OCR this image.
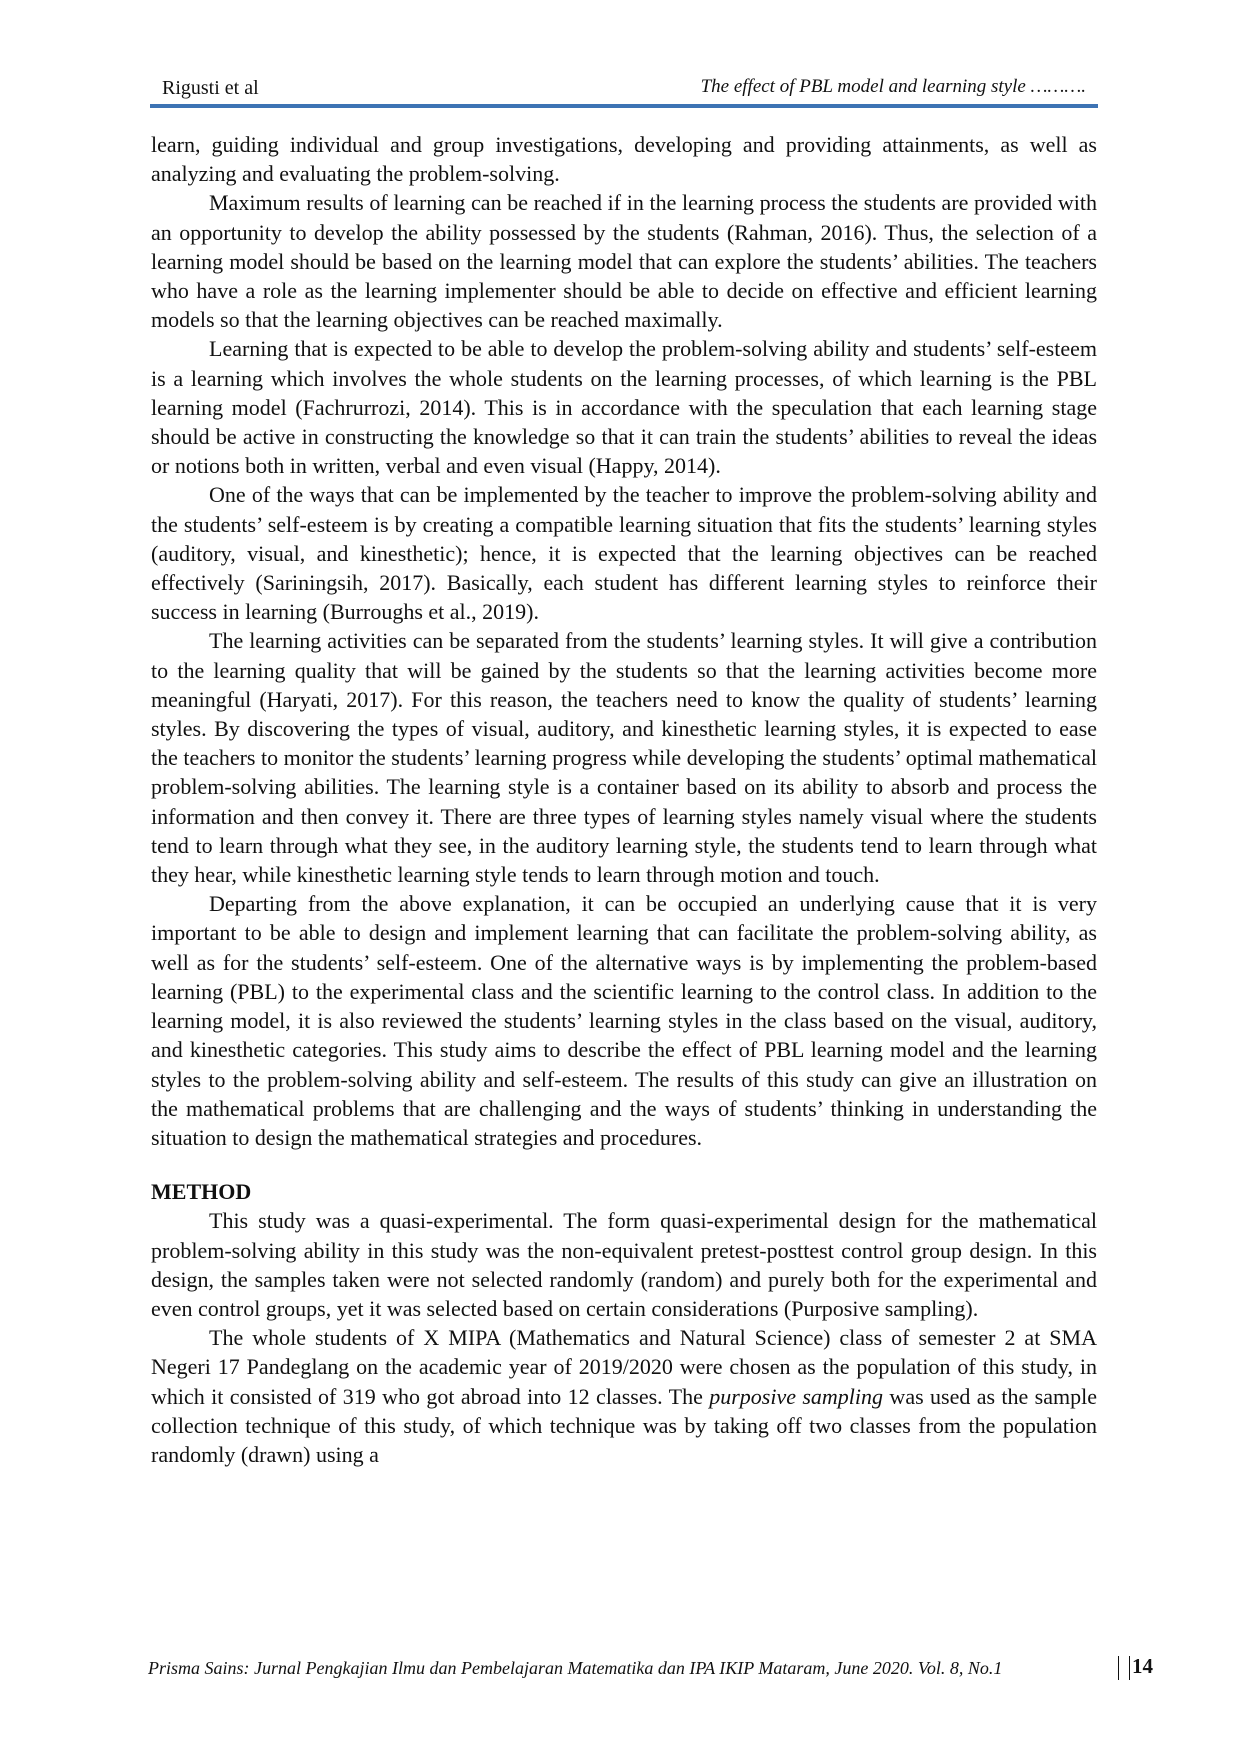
Rigusti et al	The effect of PBL model and learning style ……….

learn, guiding individual and group investigations, developing and providing attainments, as well as analyzing and evaluating the problem-solving.

Maximum results of learning can be reached if in the learning process the students are provided with an opportunity to develop the ability possessed by the students (Rahman, 2016). Thus, the selection of a learning model should be based on the learning model that can explore the students’ abilities. The teachers who have a role as the learning implementer should be able to decide on effective and efficient learning models so that the learning objectives can be reached maximally.

Learning that is expected to be able to develop the problem-solving ability and students’ self-esteem is a learning which involves the whole students on the learning processes, of which learning is the PBL learning model (Fachrurrozi, 2014). This is in accordance with the speculation that each learning stage should be active in constructing the knowledge so that it can train the students’ abilities to reveal the ideas or notions both in written, verbal and even visual (Happy, 2014).

One of the ways that can be implemented by the teacher to improve the problem-solving ability and the students’ self-esteem is by creating a compatible learning situation that fits the students’ learning styles (auditory, visual, and kinesthetic); hence, it is expected that the learning objectives can be reached effectively (Sariningsih, 2017). Basically, each student has different learning styles to reinforce their success in learning (Burroughs et al., 2019).

The learning activities can be separated from the students’ learning styles. It will give a contribution to the learning quality that will be gained by the students so that the learning activities become more meaningful (Haryati, 2017). For this reason, the teachers need to know the quality of students’ learning styles. By discovering the types of visual, auditory, and kinesthetic learning styles, it is expected to ease the teachers to monitor the students’ learning progress while developing the students’ optimal mathematical problem-solving abilities. The learning style is a container based on its ability to absorb and process the information and then convey it. There are three types of learning styles namely visual where the students tend to learn through what they see, in the auditory learning style, the students tend to learn through what they hear, while kinesthetic learning style tends to learn through motion and touch.

Departing from the above explanation, it can be occupied an underlying cause that it is very important to be able to design and implement learning that can facilitate the problem-solving ability, as well as for the students’ self-esteem. One of the alternative ways is by implementing the problem-based learning (PBL) to the experimental class and the scientific learning to the control class. In addition to the learning model, it is also reviewed the students’ learning styles in the class based on the visual, auditory, and kinesthetic categories. This study aims to describe the effect of PBL learning model and the learning styles to the problem-solving ability and self-esteem. The results of this study can give an illustration on the mathematical problems that are challenging and the ways of students’ thinking in understanding the situation to design the mathematical strategies and procedures.

METHOD

This study was a quasi-experimental. The form quasi-experimental design for the mathematical problem-solving ability in this study was the non-equivalent pretest-posttest control group design. In this design, the samples taken were not selected randomly (random) and purely both for the experimental and even control groups, yet it was selected based on certain considerations (Purposive sampling).

The whole students of X MIPA (Mathematics and Natural Science) class of semester 2 at SMA Negeri 17 Pandeglang on the academic year of 2019/2020 were chosen as the population of this study, in which it consisted of 319 who got abroad into 12 classes. The purposive sampling was used as the sample collection technique of this study, of which technique was by taking off two classes from the population randomly (drawn) using a

Prisma Sains: Jurnal Pengkajian Ilmu dan Pembelajaran Matematika dan IPA IKIP Mataram, June 2020. Vol. 8, No.1	14
